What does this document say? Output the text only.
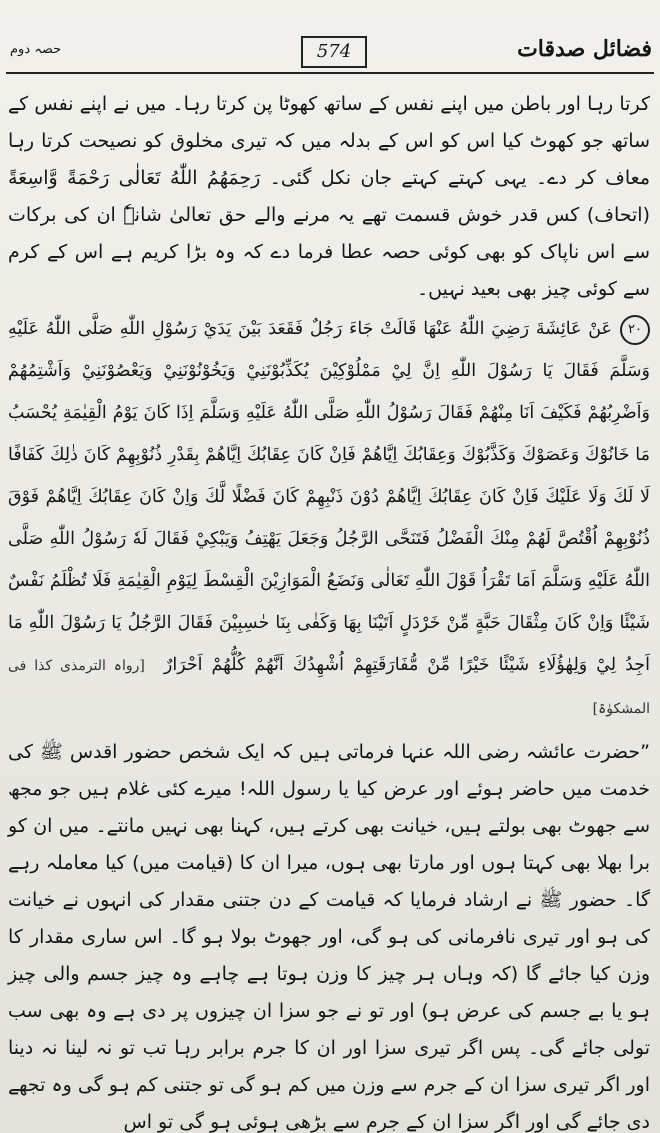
فضائل صدقات
574
حصہ دوم

کرتا رہا اور باطن میں اپنے نفس کے ساتھ کھوٹا پن کرتا رہا۔ میں نے اپنے نفس کے ساتھ جو کھوٹ کیا اس کو اس کے بدلہ میں کہ تیری مخلوق کو نصیحت کرتا رہا معاف کر دے۔ یہی کہتے کہتے جان نکل گئی۔ رَحِمَهُمُ اللّٰهُ تَعَالٰی رَحْمَةً وَّاسِعَةً (اتحاف) کس قدر خوش قسمت تھے یہ مرنے والے حق تعالیٰ شانہٗ ان کی برکات سے اس ناپاک کو بھی کوئی حصہ عطا فرما دے کہ وہ بڑا کریم ہے اس کے کرم سے کوئی چیز بھی بعید نہیں۔

۲۰عَنْ عَائِشَةَ رَضِيَ اللّٰهُ عَنْهَا قَالَتْ جَاءَ رَجُلٌ فَقَعَدَ بَيْنَ يَدَيْ رَسُوْلِ اللّٰهِ صَلَّى اللّٰهُ عَلَيْهِ وَسَلَّمَ فَقَالَ يَا رَسُوْلَ اللّٰهِ اِنَّ لِيْ مَمْلُوْكِيْنَ يُكَذِّبُوْنَنِيْ وَيَخُوْنُوْنَنِيْ وَيَعْصُوْنَنِيْ وَاَشْتِمُهُمْ وَاَضْرِبُهُمْ فَكَيْفَ اَنَا مِنْهُمْ فَقَالَ رَسُوْلُ اللّٰهِ صَلَّى اللّٰهُ عَلَيْهِ وَسَلَّمَ اِذَا كَانَ يَوْمُ الْقِيٰمَةِ يُحْسَبُ مَا خَانُوْكَ وَعَصَوْكَ وَكَذَّبُوْكَ وَعِقَابُكَ اِيَّاهُمْ فَاِنْ كَانَ عِقَابُكَ اِيَّاهُمْ بِقَدْرِ ذُنُوْبِهِمْ كَانَ ذٰلِكَ كَفَافًا لَا لَكَ وَلَا عَلَيْكَ فَاِنْ كَانَ عِقَابُكَ اِيَّاهُمْ دُوْنَ ذَنْبِهِمْ كَانَ فَضْلًا لَّكَ وَاِنْ كَانَ عِقَابُكَ اِيَّاهُمْ فَوْقَ ذُنُوْبِهِمْ اُقْتُصَّ لَهُمْ مِنْكَ الْفَضْلُ فَتَنَحَّى الرَّجُلُ وَجَعَلَ يَهْتِفُ وَيَبْكِيْ فَقَالَ لَهٗ رَسُوْلُ اللّٰهِ صَلَّى اللّٰهُ عَلَيْهِ وَسَلَّمَ اَمَا تَقْرَاُ قَوْلَ اللّٰهِ تَعَالٰى وَنَضَعُ الْمَوَازِيْنَ الْقِسْطَ لِيَوْمِ الْقِيٰمَةِ فَلَا تُظْلَمُ نَفْسٌ شَيْئًا وَاِنْ كَانَ مِثْقَالَ حَبَّةٍ مِّنْ خَرْدَلٍ اَتَيْنَا بِهَا وَكَفٰى بِنَا حٰسِبِيْنَ فَقَالَ الرَّجُلُ يَا رَسُوْلَ اللّٰهِ مَا اَجِدُ لِيْ وَلِهٰؤُلَاءِ شَيْئًا خَيْرًا مِّنْ مُّفَارَقَتِهِمْ اُشْهِدُكَ اَنَّهُمْ كُلُّهُمْ اَحْرَارٌ [رواہ الترمذی کذا فی المشکوٰۃ]

”حضرت عائشہ رضی اللہ عنہا فرماتی ہیں کہ ایک شخص حضور اقدس ﷺ کی خدمت میں حاضر ہوئے اور عرض کیا یا رسول اللہ! میرے کئی غلام ہیں جو مجھ سے جھوٹ بھی بولتے ہیں، خیانت بھی کرتے ہیں، کہنا بھی نہیں مانتے۔ میں ان کو برا بھلا بھی کہتا ہوں اور مارتا بھی ہوں، میرا ان کا (قیامت میں) کیا معاملہ رہے گا۔ حضور ﷺ نے ارشاد فرمایا کہ قیامت کے دن جتنی مقدار کی انہوں نے خیانت کی ہو اور تیری نافرمانی کی ہو گی، اور جھوٹ بولا ہو گا۔ اس ساری مقدار کا وزن کیا جائے گا (کہ وہاں ہر چیز کا وزن ہوتا ہے چاہے وہ چیز جسم والی چیز ہو یا بے جسم کی عرض ہو) اور تو نے جو سزا ان چیزوں پر دی ہے وہ بھی سب تولی جائے گی۔ پس اگر تیری سزا اور ان کا جرم برابر رہا تب تو نہ لینا نہ دینا اور اگر تیری سزا ان کے جرم سے وزن میں کم ہو گی تو جتنی کم ہو گی وہ تجھے دی جائے گی اور اگر سزا ان کے جرم سے بڑھی ہوئی ہو گی تو اس
